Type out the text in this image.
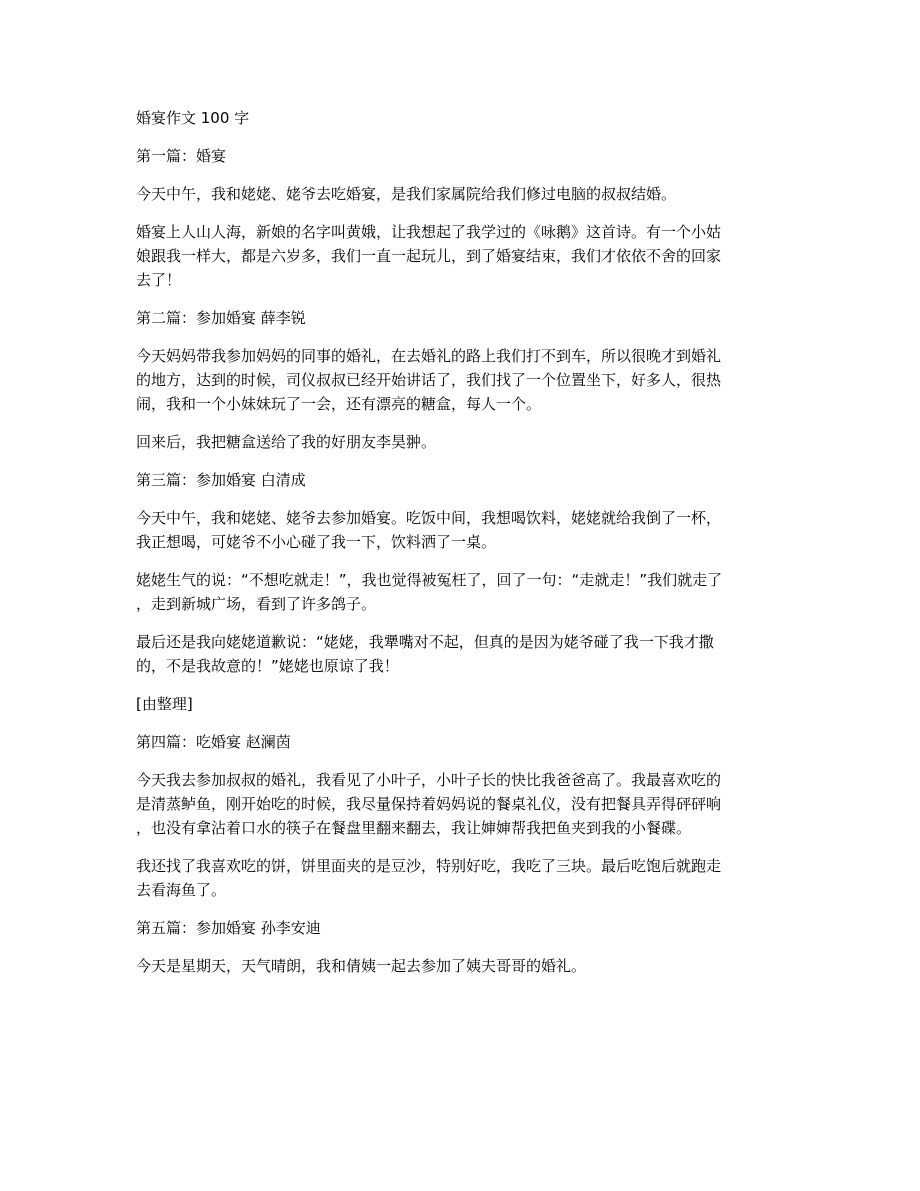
婚宴作文 100 字

第一篇：婚宴

今天中午，我和姥姥、姥爷去吃婚宴，是我们家属院给我们修过电脑的叔叔结婚。

婚宴上人山人海，新娘的名字叫黄娥，让我想起了我学过的《咏鹅》这首诗。有一个小姑

娘跟我一样大，都是六岁多，我们一直一起玩儿，到了婚宴结束，我们才依依不舍的回家

去了！

第二篇：参加婚宴 薛李锐

今天妈妈带我参加妈妈的同事的婚礼，在去婚礼的路上我们打不到车，所以很晚才到婚礼

的地方，达到的时候，司仪叔叔已经开始讲话了，我们找了一个位置坐下，好多人，很热

闹，我和一个小妹妹玩了一会，还有漂亮的糖盒，每人一个。

回来后，我把糖盒送给了我的好朋友李昊翀。

第三篇：参加婚宴 白清成

今天中午，我和姥姥、姥爷去参加婚宴。吃饭中间，我想喝饮料，姥姥就给我倒了一杯，

我正想喝，可姥爷不小心碰了我一下，饮料洒了一桌。

姥姥生气的说：“不想吃就走！”，我也觉得被冤枉了，回了一句：“走就走！”我们就走了

，走到新城广场，看到了许多鸽子。

最后还是我向姥姥道歉说：“姥姥，我犟嘴对不起，但真的是因为姥爷碰了我一下我才撒

的，不是我故意的！”姥姥也原谅了我！

[由整理]

第四篇：吃婚宴 赵澜茵

今天我去参加叔叔的婚礼，我看见了小叶子，小叶子长的快比我爸爸高了。我最喜欢吃的

是清蒸鲈鱼，刚开始吃的时候，我尽量保持着妈妈说的餐桌礼仪，没有把餐具弄得砰砰响

，也没有拿沾着口水的筷子在餐盘里翻来翻去，我让婶婶帮我把鱼夹到我的小餐碟。

我还找了我喜欢吃的饼，饼里面夹的是豆沙，特别好吃，我吃了三块。最后吃饱后就跑走

去看海鱼了。

第五篇：参加婚宴 孙李安迪

今天是星期天，天气晴朗，我和倩姨一起去参加了姨夫哥哥的婚礼。
